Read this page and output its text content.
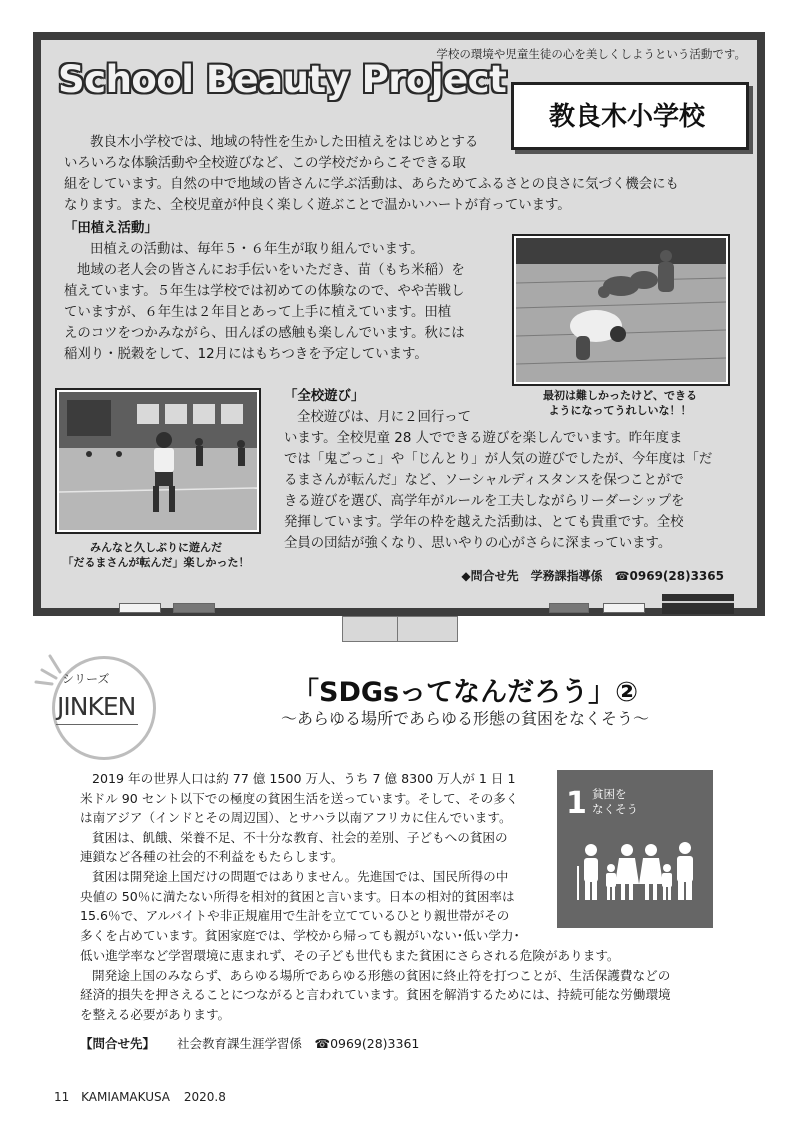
学校の環境や児童生徒の心を美しくしようという活動です。
School Beauty Project
教良木小学校
教良木小学校では、地域の特性を生かした田植えをはじめとする
いろいろな体験活動や全校遊びなど、この学校だからこそできる取
組をしています。自然の中で地域の皆さんに学ぶ活動は、あらためてふるさとの良さに気づく機会にも
なります。また、全校児童が仲良く楽しく遊ぶことで温かいハートが育っています。
「田植え活動」
田植えの活動は、毎年５・６年生が取り組んでいます。
地域の老人会の皆さんにお手伝いをいただき、苗（もち米稲）を
植えています。５年生は学校では初めての体験なので、やや苦戦し
ていますが、６年生は２年目とあって上手に植えています。田植
えのコツをつかみながら、田んぼの感触も楽しんでいます。秋には
稲刈り・脱穀をして、12月にはもちつきを予定しています。
最初は難しかったけど、できる
ようになってうれしいな！！
みんなと久しぶりに遊んだ
「だるまさんが転んだ」楽しかった！
「全校遊び」
全校遊びは、月に２回行って
います。全校児童 28 人でできる遊びを楽しんでいます。昨年度ま
では「鬼ごっこ」や「じんとり」が人気の遊びでしたが、今年度は「だ
るまさんが転んだ」など、ソーシャルディスタンスを保つことがで
きる遊びを選び、高学年がルールを工夫しながらリーダーシップを
発揮しています。学年の枠を越えた活動は、とても貴重です。全校
全員の団結が強くなり、思いやりの心がさらに深まっています。
◆問合せ先　学務課指導係　☎0969(28)3365
シリーズ
JINKEN	「SDGsってなんだろう」②
～あらゆる場所であらゆる形態の貧困をなくそう～
2019 年の世界人口は約 77 億 1500 万人、うち 7 億 8300 万人が 1 日 1
米ドル 90 セント以下での極度の貧困生活を送っています。そして、その多く
は南アジア（インドとその周辺国）、とサハラ以南アフリカに住んでいます。
貧困は、飢餓、栄養不足、不十分な教育、社会的差別、子どもへの貧困の
連鎖など各種の社会的不利益をもたらします。
貧困は開発途上国だけの問題ではありません。先進国では、国民所得の中
央値の 50％に満たない所得を相対的貧困と言います。日本の相対的貧困率は
15.6％で、アルバイトや非正規雇用で生計を立てているひとり親世帯がその
多くを占めています。貧困家庭では、学校から帰っても親がいない･低い学力･
低い進学率など学習環境に恵まれず、その子ども世代もまた貧困にさらされる危険があります。
開発途上国のみならず、あらゆる場所であらゆる形態の貧困に終止符を打つことが、生活保護費などの
経済的損失を押さえることにつながると言われています。貧困を解消するためには、持続可能な労働環境
を整える必要があります。
1 貧困を
なくそう
【問合せ先】 社会教育課生涯学習係　☎0969(28)3361
11 KAMIAMAKUSA 2020.8
